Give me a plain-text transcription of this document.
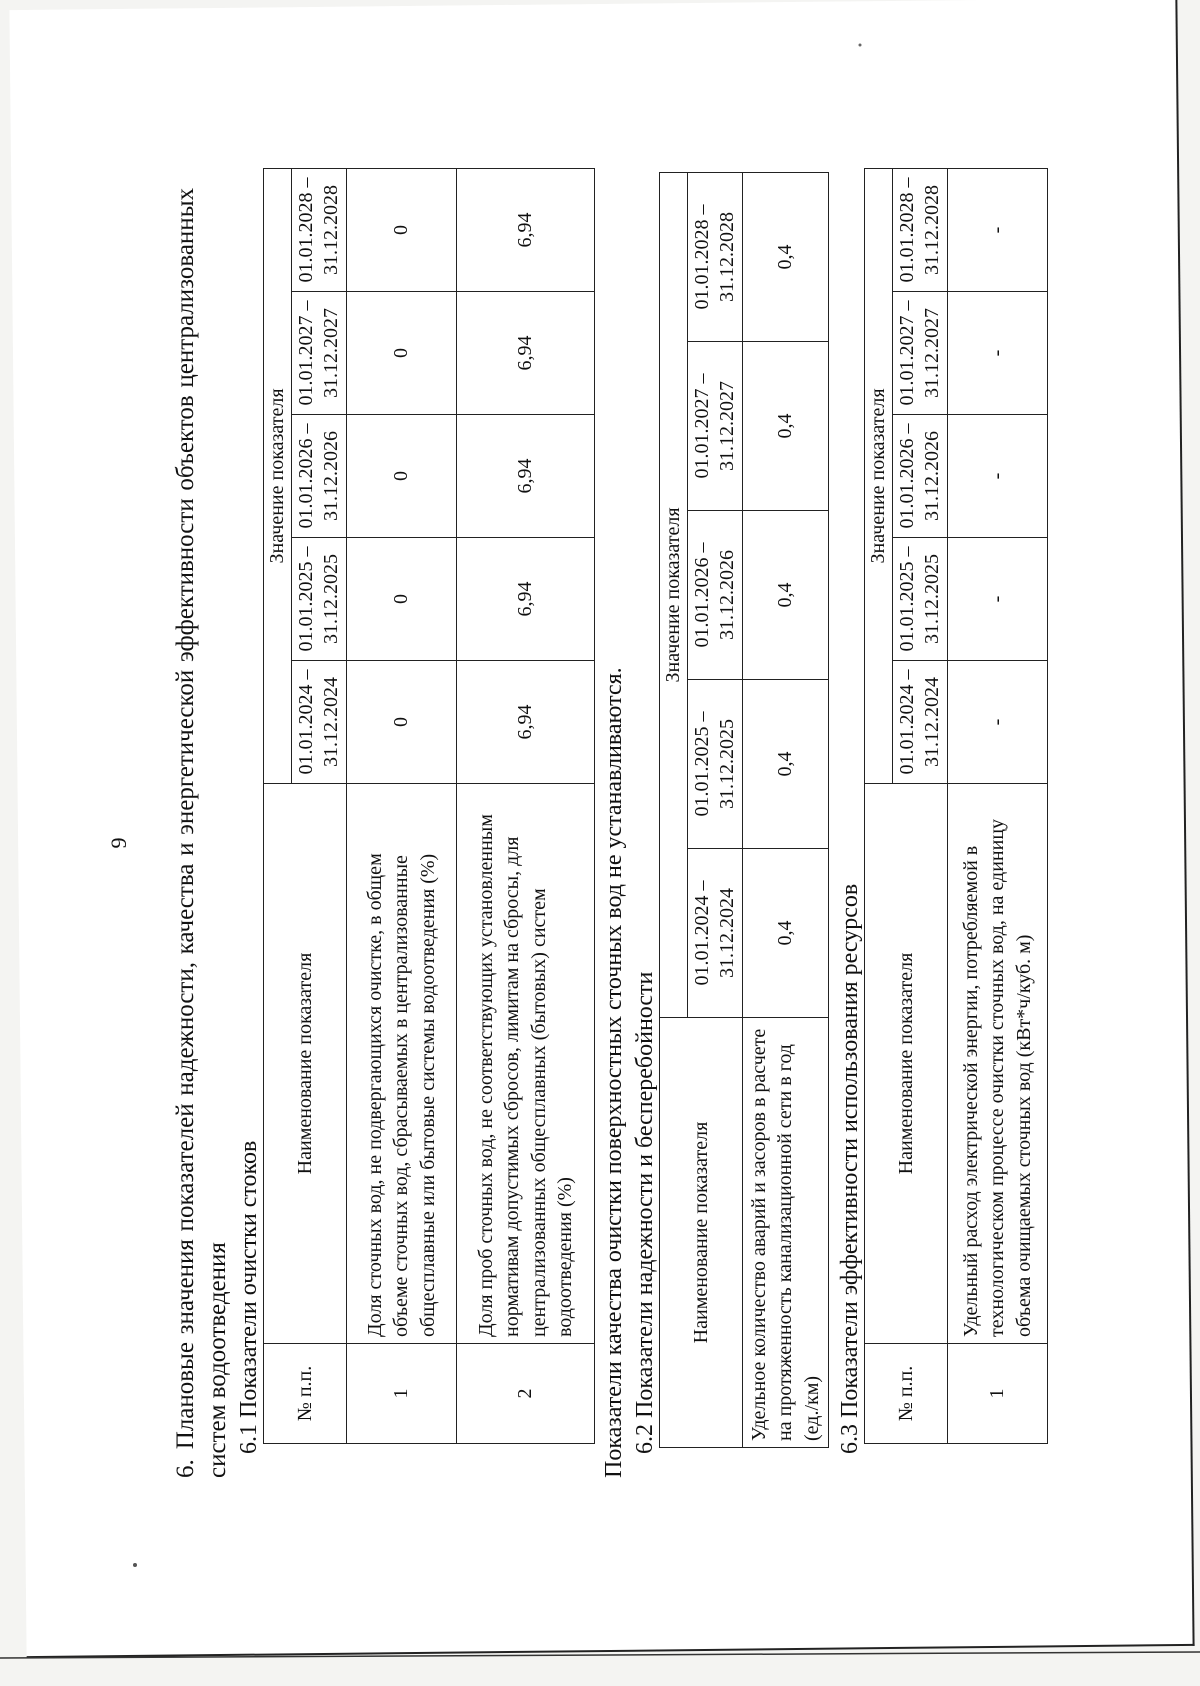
9

6.Плановые значения показателей надежности, качества и энергетической эффективности объектов централизованных систем водоотведения 6.1 Показатели очистки стоков № п.п.	Наименование показателя	Значение показателя				
		01.01.2024 – 31.12.2024	01.01.2025 – 31.12.2025	01.01.2026 – 31.12.2026	01.01.2027 – 31.12.2027	01.01.2028 – 31.12.2028
1	Доля сточных вод, не подвергающихся очистке, в общем объеме сточных вод, сбрасываемых в централизованные общесплавные или бытовые системы водоотведения (%)	0	0	0	0	0
2	Доля проб сточных вод, не соответствующих установленным нормативам допустимых сбросов, лимитам на сбросы, для централизованных общесплавных (бытовых) систем водоотведения (%)	6,94	6,94	6,94	6,94	6,94
Показатели качества очистки поверхностных сточных вод не устанавливаются. 6.2 Показатели надежности и бесперебойности Наименование показателя	Значение показателя				
	01.01.2024 – 31.12.2024	01.01.2025 – 31.12.2025	01.01.2026 – 31.12.2026	01.01.2027 – 31.12.2027	01.01.2028 – 31.12.2028
Удельное количество аварий и засоров в расчете на протяженность канализационной сети в год (ед./км)	0,4	0,4	0,4	0,4	0,4
6.3 Показатели эффективности использования ресурсов № п.п.	Наименование показателя	Значение показателя				
		01.01.2024 – 31.12.2024	01.01.2025 – 31.12.2025	01.01.2026 – 31.12.2026	01.01.2027 – 31.12.2027	01.01.2028 – 31.12.2028
1	Удельный расход электрической энергии, потребляемой в технологическом процессе очистки сточных вод, на единицу объема очищаемых сточных вод (кВт*ч/куб. м)	-	-	-	-	-
